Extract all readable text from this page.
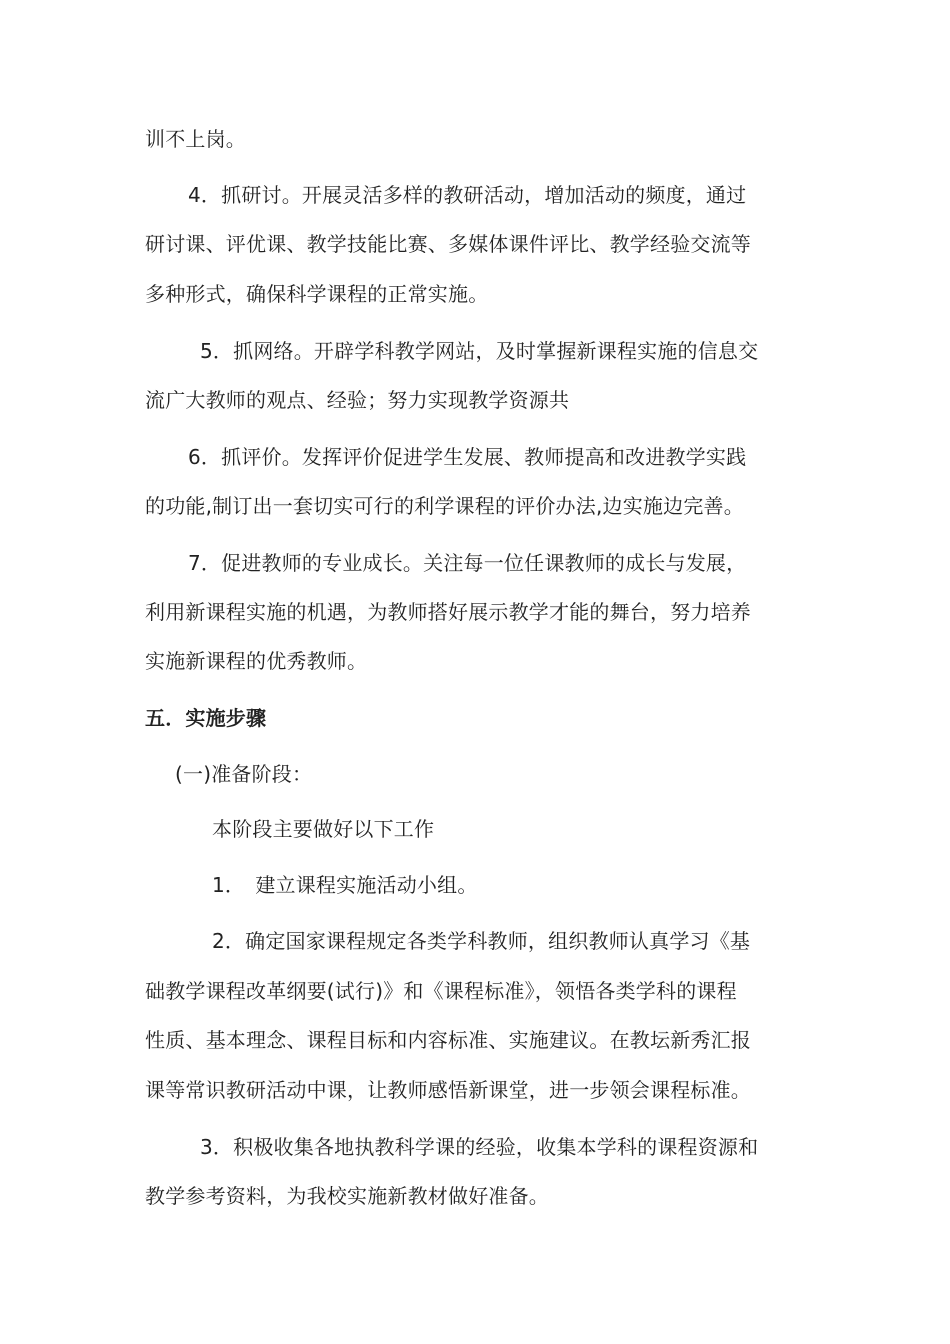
训不上岗。
4．抓研讨。开展灵活多样的教研活动，增加活动的频度，通过
研讨课、评优课、教学技能比赛、多媒体课件评比、教学经验交流等
多种形式，确保科学课程的正常实施。
5．抓网络。开辟学科教学网站，及时掌握新课程实施的信息交
流广大教师的观点、经验；努力实现教学资源共
6．抓评价。发挥评价促进学生发展、教师提高和改进教学实践
的功能,制订出一套切实可行的利学课程的评价办法,边实施边完善。
7．促进教师的专业成长。关注每一位任课教师的成长与发展，
利用新课程实施的机遇，为教师搭好展示教学才能的舞台，努力培养
实施新课程的优秀教师。
五．实施步骤
(一)准备阶段：
本阶段主要做好以下工作
1．　建立课程实施活动小组。
2．确定国家课程规定各类学科教师，组织教师认真学习《基
础教学课程改革纲要(试行)》和《课程标准》，领悟各类学科的课程
性质、基本理念、课程目标和内容标准、实施建议。在教坛新秀汇报
课等常识教研活动中课，让教师感悟新课堂，进一步领会课程标准。
3．积极收集各地执教科学课的经验，收集本学科的课程资源和
教学参考资料，为我校实施新教材做好准备。
